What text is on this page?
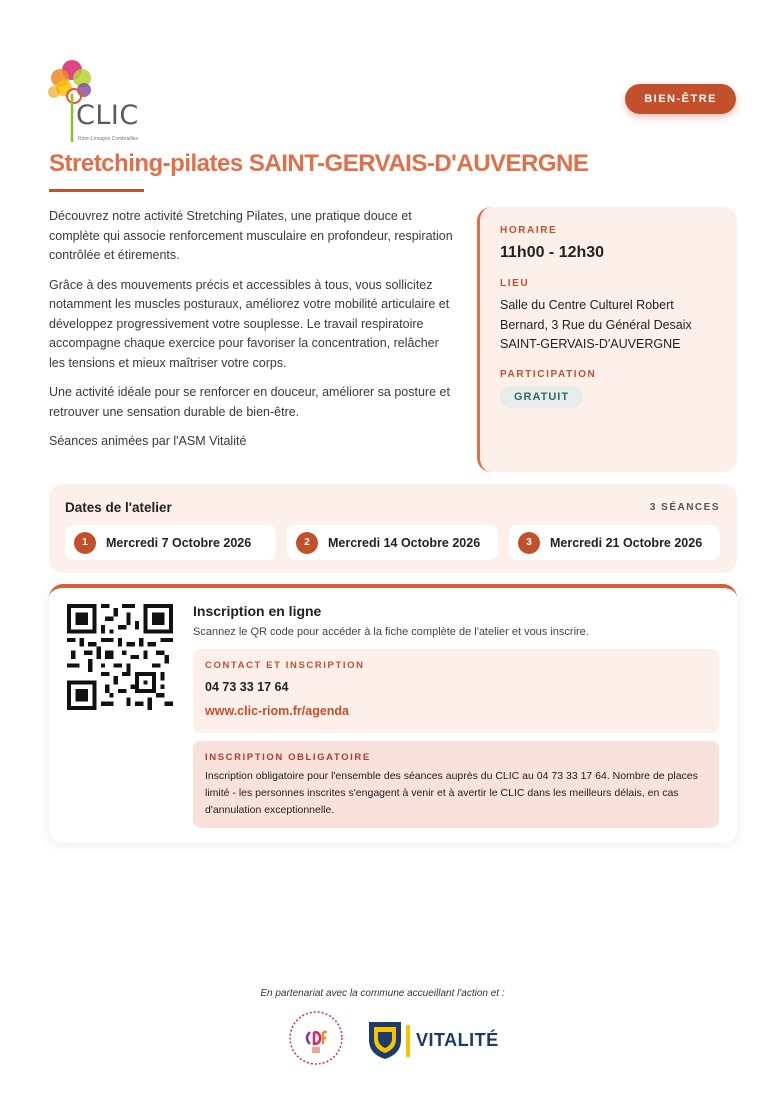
CLIC
Riom Limagne Combrailles
BIEN-ÊTRE
Stretching-pilates SAINT-GERVAIS-D'AUVERGNE

Découvrez notre activité Stretching Pilates, une pratique douce et complète qui associe renforcement musculaire en profondeur, respiration contrôlée et étirements.

Grâce à des mouvements précis et accessibles à tous, vous sollicitez notamment les muscles posturaux, améliorez votre mobilité articulaire et développez progressivement votre souplesse. Le travail respiratoire accompagne chaque exercice pour favoriser la concentration, relâcher les tensions et mieux maîtriser votre corps.

Une activité idéale pour se renforcer en douceur, améliorer sa posture et retrouver une sensation durable de bien-être.

Séances animées par l'ASM Vitalité

HORAIRE
11h00 - 12h30
LIEU
Salle du Centre Culturel Robert Bernard, 3 Rue du Général Desaix
SAINT-GERVAIS-D'AUVERGNE
PARTICIPATION
GRATUIT
Dates de l'atelier	3 SÉANCES
1	Mercredi 7 Octobre 2026	2	Mercredi 14 Octobre 2026	3	Mercredi 21 Octobre 2026
Inscription en ligne
Scannez le QR code pour accéder à la fiche complète de l'atelier et vous inscrire.
CONTACT ET INSCRIPTION
04 73 33 17 64
www.clic-riom.fr/agenda
INSCRIPTION OBLIGATOIRE
Inscription obligatoire pour l'ensemble des séances auprès du CLIC au 04 73 33 17 64. Nombre de places limité - les personnes inscrites s'engagent à venir et à avertir le CLIC dans les meilleurs délais, en cas d'annulation exceptionnelle.
En partenariat avec la commune accueillant l'action et :
VITALITÉ
